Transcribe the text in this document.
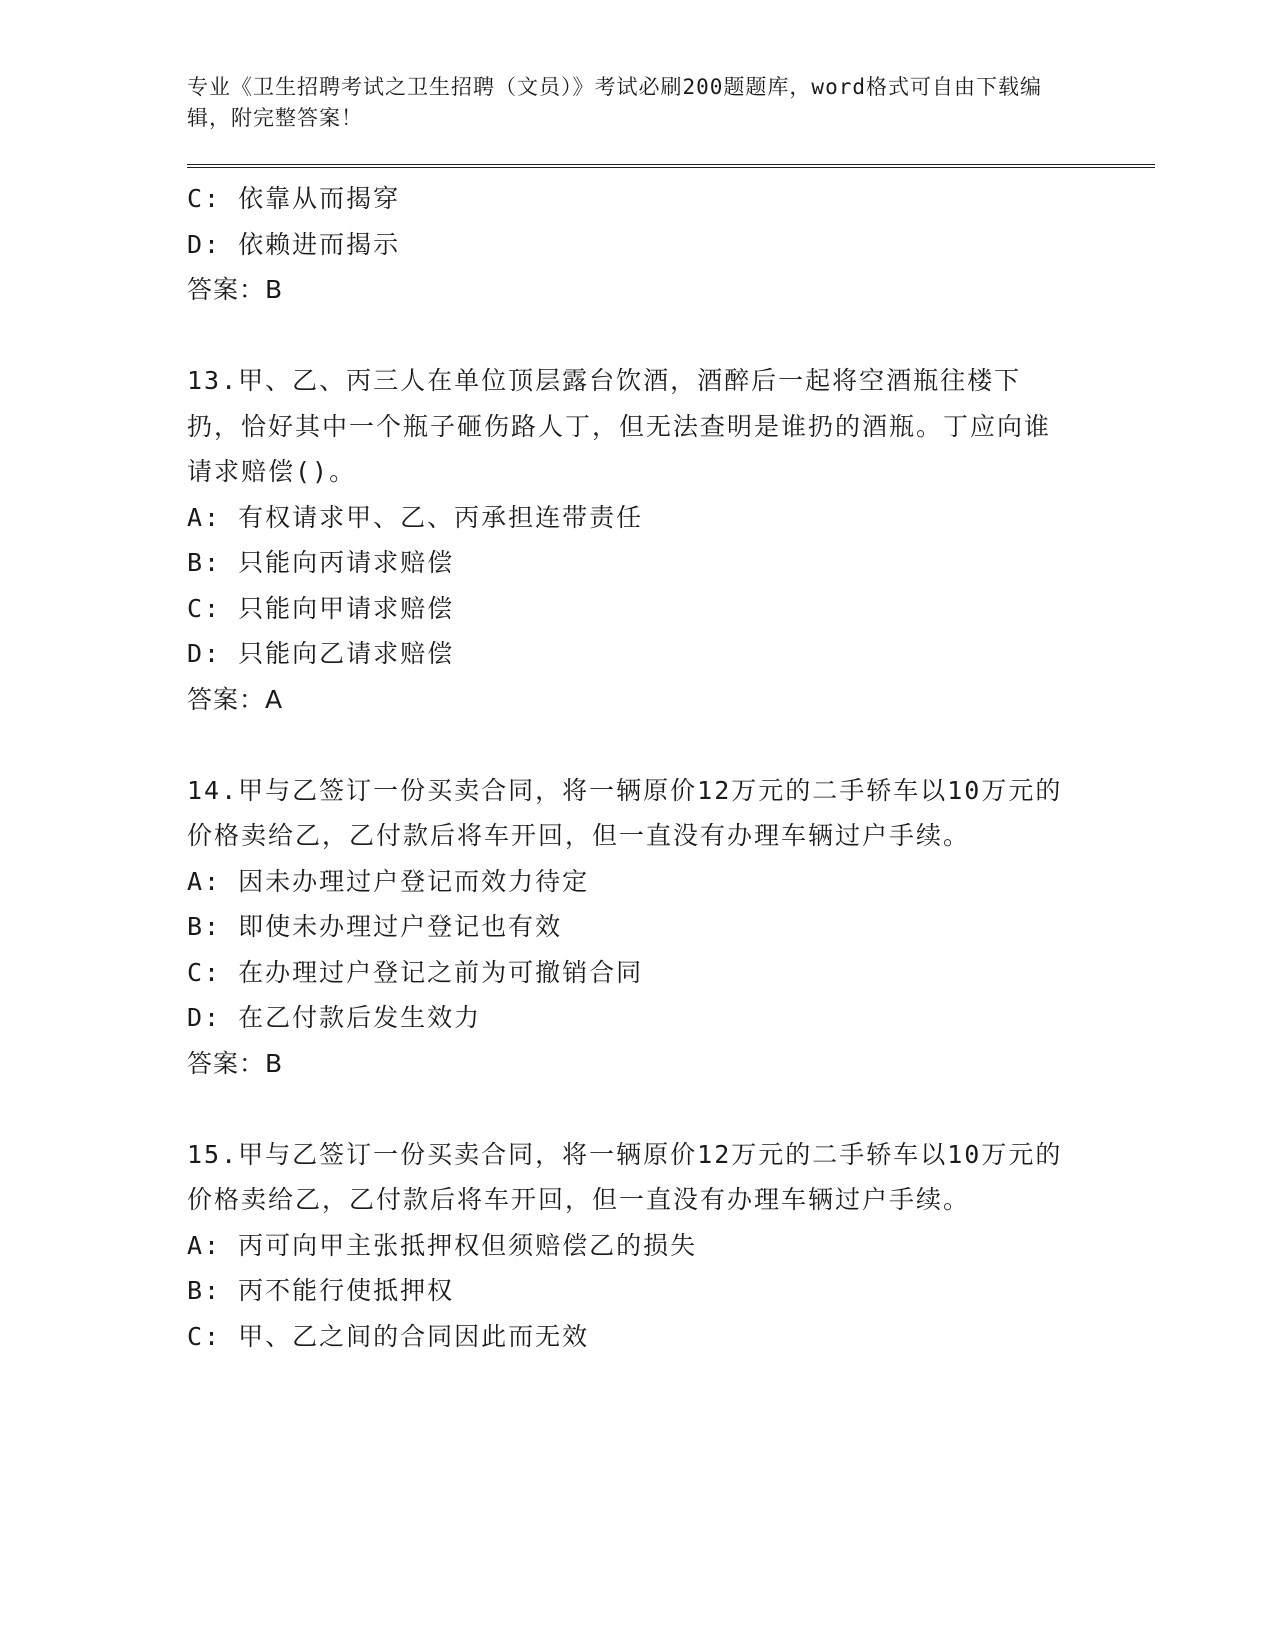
专业《卫生招聘考试之卫生招聘（文员）》考试必刷200题题库，word格式可自由下载编辑，附完整答案！

C: 依靠从而揭穿

D: 依赖进而揭示

答案：B

13.甲、乙、丙三人在单位顶层露台饮酒，酒醉后一起将空酒瓶往楼下扔，恰好其中一个瓶子砸伤路人丁，但无法查明是谁扔的酒瓶。丁应向谁请求赔偿()。

A: 有权请求甲、乙、丙承担连带责任

B: 只能向丙请求赔偿

C: 只能向甲请求赔偿

D: 只能向乙请求赔偿

答案：A

14.甲与乙签订一份买卖合同，将一辆原价12万元的二手轿车以10万元的价格卖给乙，乙付款后将车开回，但一直没有办理车辆过户手续。

A: 因未办理过户登记而效力待定

B: 即使未办理过户登记也有效

C: 在办理过户登记之前为可撤销合同

D: 在乙付款后发生效力

答案：B

15.甲与乙签订一份买卖合同，将一辆原价12万元的二手轿车以10万元的价格卖给乙，乙付款后将车开回，但一直没有办理车辆过户手续。

A: 丙可向甲主张抵押权但须赔偿乙的损失

B: 丙不能行使抵押权

C: 甲、乙之间的合同因此而无效
